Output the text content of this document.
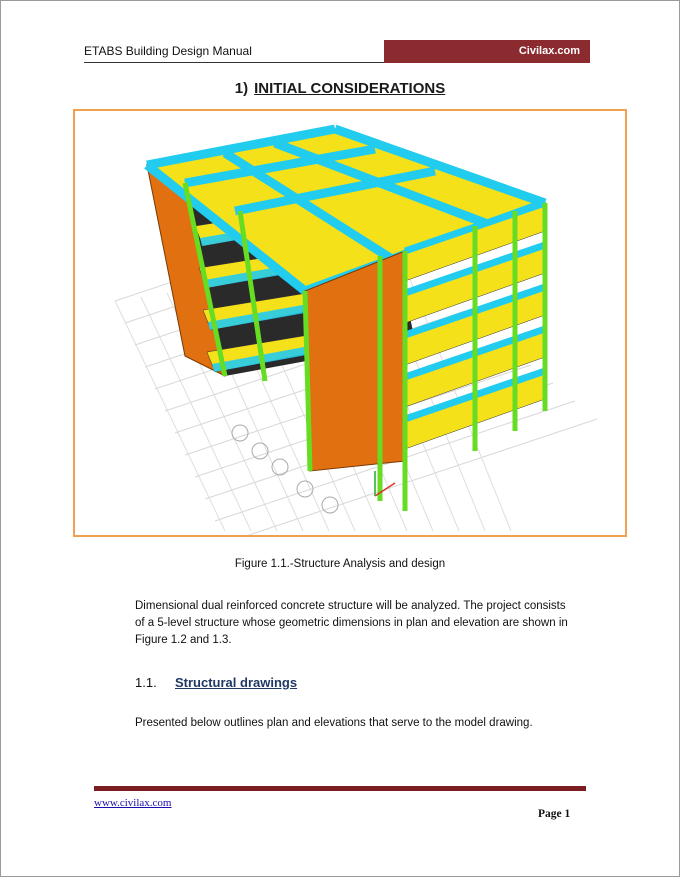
ETABS Building Design Manual	Civilax.com
1) INITIAL CONSIDERATIONS
Figure 1.1.-Structure Analysis and design
Dimensional dual reinforced concrete structure will be analyzed. The project consists of a 5-level structure whose geometric dimensions in plan and elevation are shown in Figure 1.2 and 1.3.
1.1. Structural drawings
Presented below outlines plan and elevations that serve to the model drawing.
www.civilax.com
Page 1
